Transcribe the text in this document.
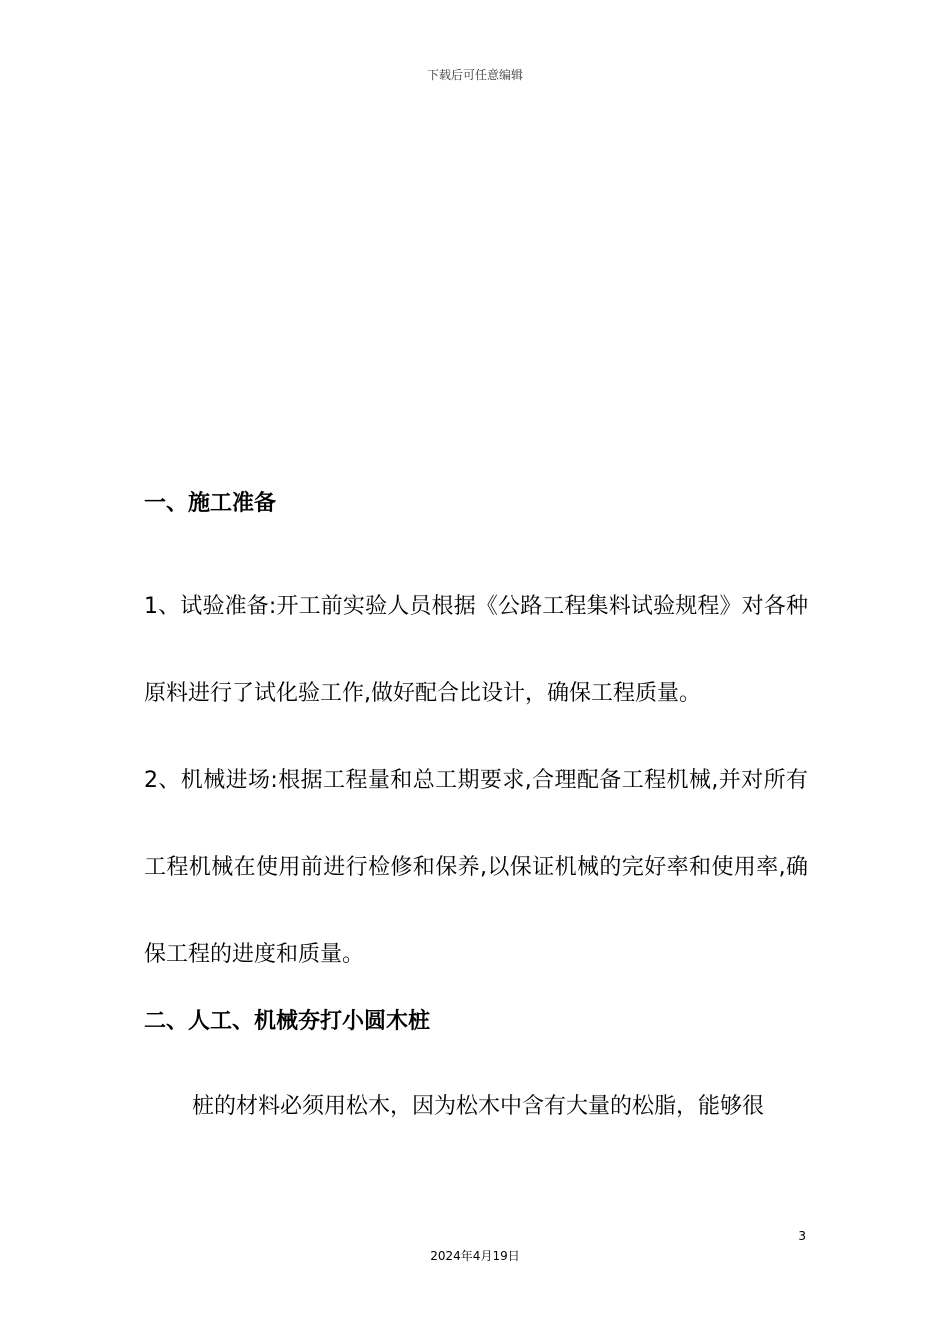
下载后可任意编辑
一、施工准备

1、试验准备:开工前实验人员根据《公路工程集料试验规程》对各种原料进行了试化验工作,做好配合比设计，确保工程质量。

2、机械进场:根据工程量和总工期要求,合理配备工程机械,并对所有工程机械在使用前进行检修和保养,以保证机械的完好率和使用率,确保工程的进度和质量。

二、人工、机械夯打小圆木桩

桩的材料必须用松木，因为松木中含有大量的松脂，能够很

3
2024年4月19日
